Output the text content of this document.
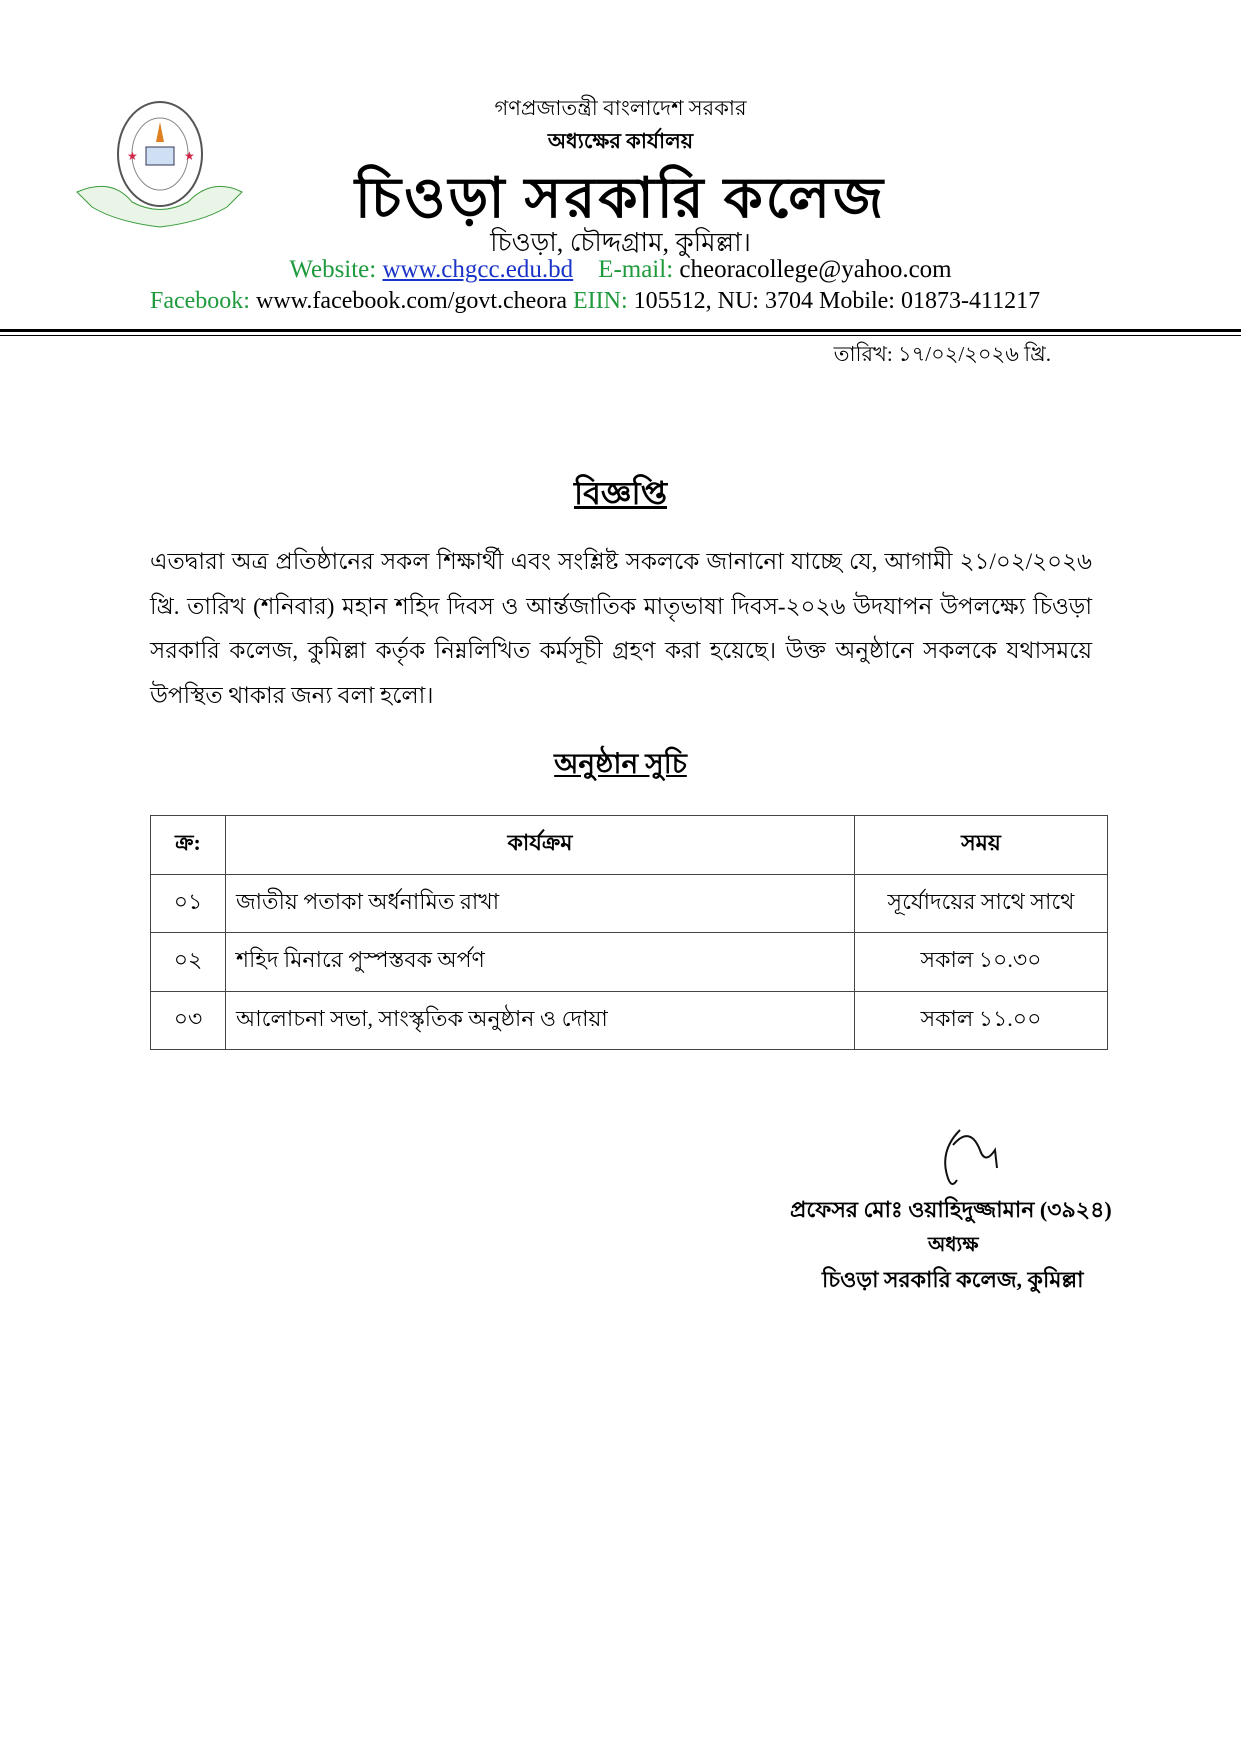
★	★
গণপ্রজাতন্ত্রী বাংলাদেশ সরকার
অধ্যক্ষের কার্যালয়
চিওড়া সরকারি কলেজ
চিওড়া, চৌদ্দগ্রাম, কুমিল্লা।
Website: www.chgcc.edu.bd E-mail: cheoracollege@yahoo.com
Facebook: www.facebook.com/govt.cheora EIIN: 105512, NU: 3704 Mobile: 01873-411217
তারিখ: ১৭/০২/২০২৬ খ্রি.
বিজ্ঞপ্তি

এতদ্বারা অত্র প্রতিষ্ঠানের সকল শিক্ষার্থী এবং সংশ্লিষ্ট সকলকে জানানো যাচ্ছে যে, আগামী ২১/০২/২০২৬ খ্রি. তারিখ (শনিবার) মহান শহিদ দিবস ও আর্ন্তজাতিক মাতৃভাষা দিবস-২০২৬ উদযাপন উপলক্ষ্যে চিওড়া সরকারি কলেজ, কুমিল্লা কর্তৃক নিম্নলিখিত কর্মসূচী গ্রহণ করা হয়েছে। উক্ত অনুষ্ঠানে সকলকে যথাসময়ে উপস্থিত থাকার জন্য বলা হলো।

অনুষ্ঠান সুচি
ক্র:	কার্যক্রম	সময়
০১	জাতীয় পতাকা অর্ধনামিত রাখা	সূর্যোদয়ের সাথে সাথে
০২	শহিদ মিনারে পুস্পস্তবক অর্পণ	সকাল ১০.৩০
০৩	আলোচনা সভা, সাংস্কৃতিক অনুষ্ঠান ও দোয়া	সকাল ১১.০০
প্রফেসর মোঃ ওয়াহিদুজ্জামান (৩৯২৪)
অধ্যক্ষ
চিওড়া সরকারি কলেজ, কুমিল্লা
